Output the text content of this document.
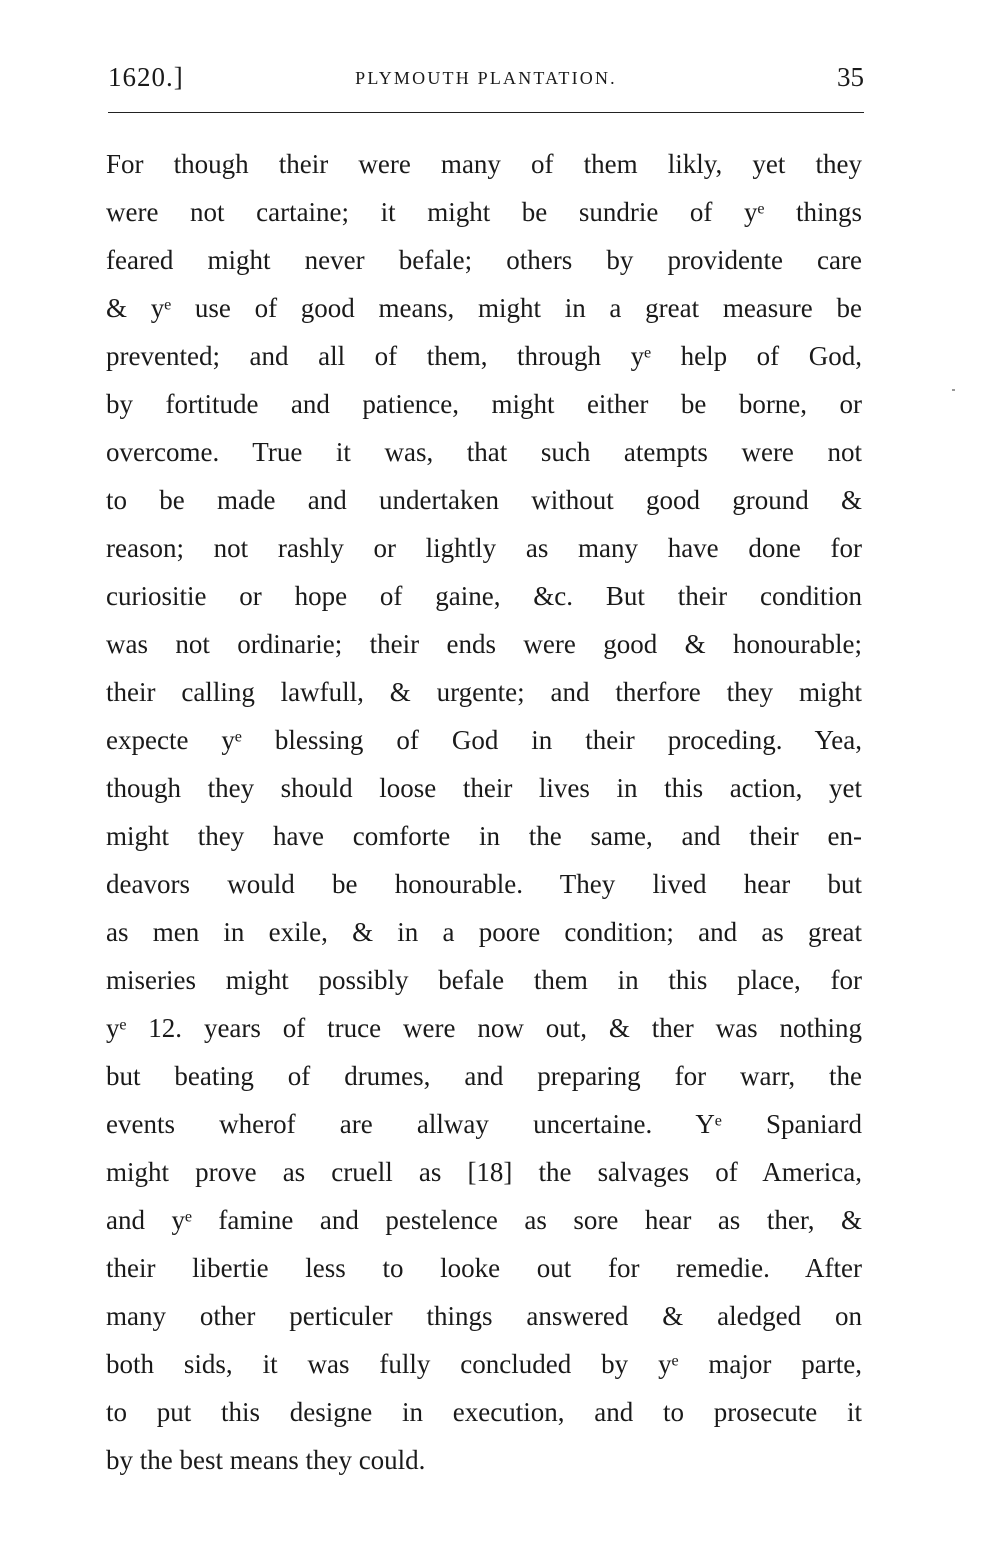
1620.]	PLYMOUTH PLANTATION.	35
For though their were many of them likly, yet they
were not cartaine; it might be sundrie of yᵉ things
feared might never befale; others by providente care
& yᵉ use of good means, might in a great measure be
prevented; and all of them, through yᵉ help of God,
by fortitude and patience, might either be borne, or
overcome. True it was, that such atempts were not
to be made and undertaken without good ground &
reason; not rashly or lightly as many have done for
curiositie or hope of gaine, &c. But their condition
was not ordinarie; their ends were good & honourable;
their calling lawfull, & urgente; and therfore they might
expecte yᵉ blessing of God in their proceding. Yea,
though they should loose their lives in this action, yet
might they have comforte in the same, and their en-
deavors would be honourable. They lived hear but
as men in exile, & in a poore condition; and as great
miseries might possibly befale them in this place, for
yᵉ 12. years of truce were now out, & ther was nothing
but beating of drumes, and preparing for warr, the
events wherof are allway uncertaine. Yᵉ Spaniard
might prove as cruell as [18] the salvages of America,
and yᵉ famine and pestelence as sore hear as ther, &
their libertie less to looke out for remedie. After
many other perticuler things answered & aledged on
both sids, it was fully concluded by yᵉ major parte,
to put this designe in execution, and to prosecute it
by the best means they could.
